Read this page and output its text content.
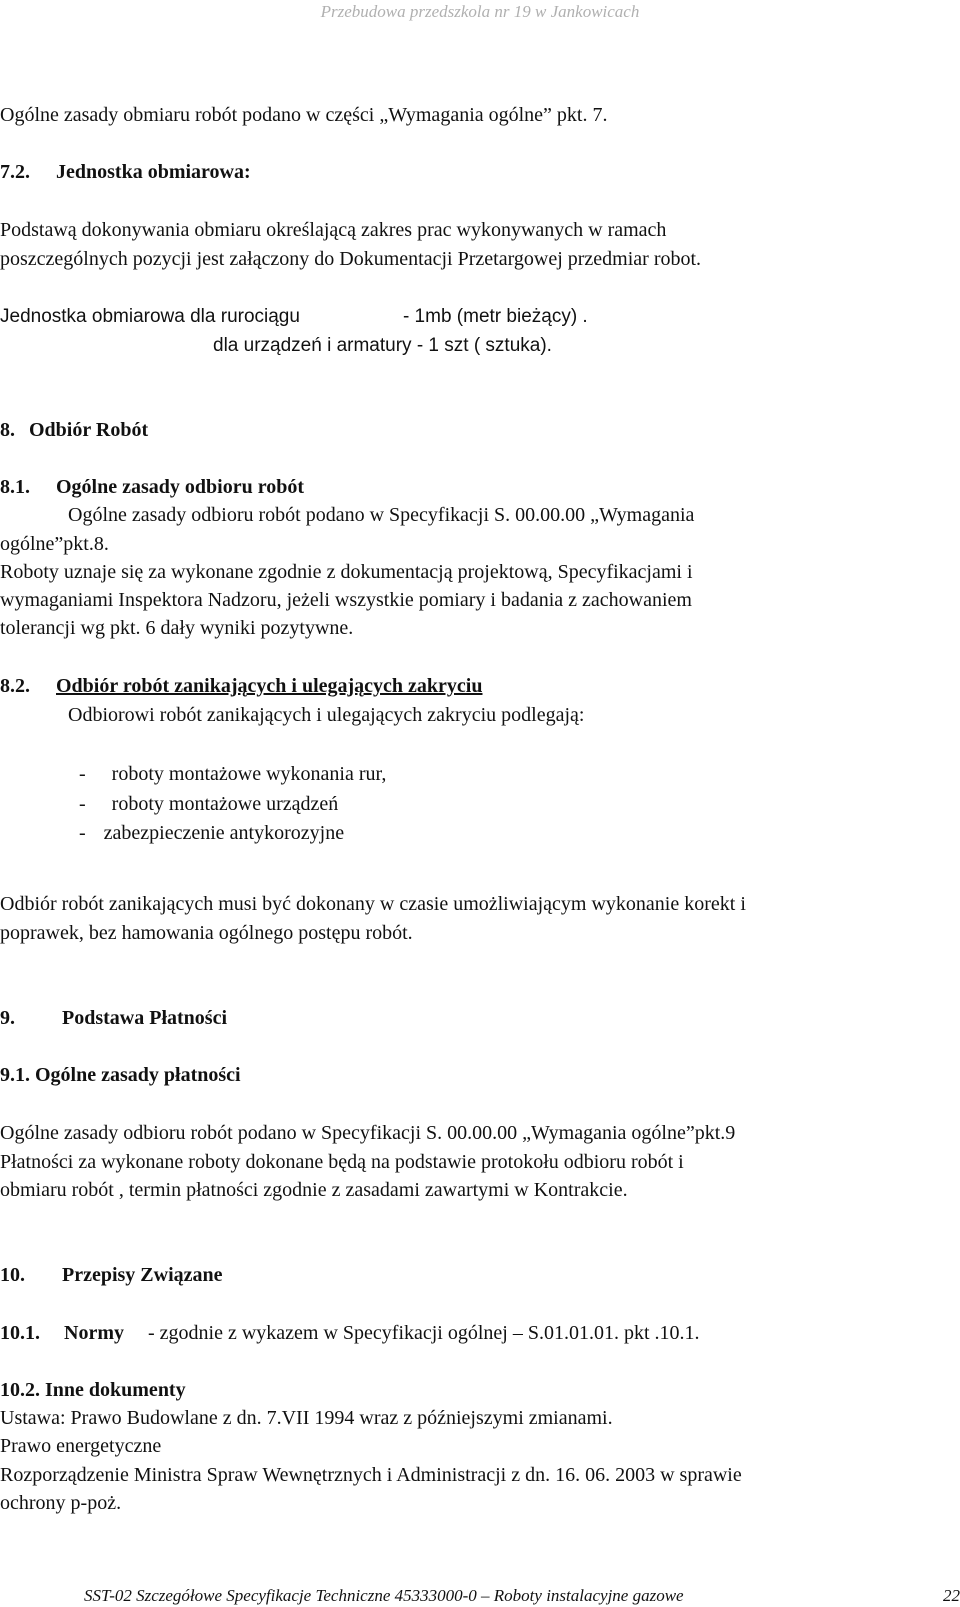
Przebudowa przedszkola nr 19 w Jankowicach

Ogólne zasady obmiaru robót podano w części „Wymagania ogólne” pkt. 7.

7.2. Jednostka obmiarowa:

Podstawą dokonywania obmiaru określającą zakres prac wykonywanych w ramach

poszczególnych pozycji jest załączony do Dokumentacji Przetargowej przedmiar robot.

Jednostka obmiarowa dla rurociągu	- 1mb (metr bieżący) .

dla urządzeń i armatury - 1 szt ( sztuka).

8. Odbiór Robót

8.1. Ogólne zasady odbioru robót

Ogólne zasady odbioru robót podano w Specyfikacji S. 00.00.00 „Wymagania

ogólne”pkt.8.

Roboty uznaje się za wykonane zgodnie z dokumentacją projektową, Specyfikacjami i

wymaganiami Inspektora Nadzoru, jeżeli wszystkie pomiary i badania z zachowaniem

tolerancji wg pkt. 6 dały wyniki pozytywne.

8.2. Odbiór robót zanikających i ulegających zakryciu

Odbiorowi robót zanikających i ulegających zakryciu podlegają:

- roboty montażowe wykonania rur,

- roboty montażowe urządzeń

- zabezpieczenie antykorozyjne

Odbiór robót zanikających musi być dokonany w czasie umożliwiającym wykonanie korekt i

poprawek, bez hamowania ogólnego postępu robót.

9. Podstawa Płatności

9.1. Ogólne zasady płatności

Ogólne zasady odbioru robót podano w Specyfikacji S. 00.00.00 „Wymagania ogólne”pkt.9

Płatności za wykonane roboty dokonane będą na podstawie protokołu odbioru robót i

obmiaru robót , termin płatności zgodnie z zasadami zawartymi w Kontrakcie.

10. Przepisy Związane

10.1. Normy - zgodnie z wykazem w Specyfikacji ogólnej – S.01.01.01. pkt .10.1.

10.2. Inne dokumenty

Ustawa: Prawo Budowlane z dn. 7.VII 1994 wraz z późniejszymi zmianami.

Prawo energetyczne

Rozporządzenie Ministra Spraw Wewnętrznych i Administracji z dn. 16. 06. 2003 w sprawie

ochrony p-poż.

SST-02 Szczegółowe Specyfikacje Techniczne 45333000-0 – Roboty instalacyjne gazowe	22
